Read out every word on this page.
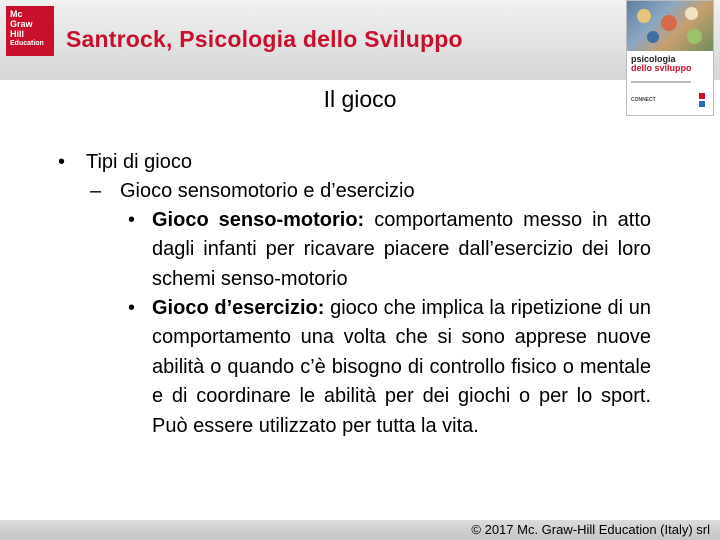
Mc
Graw
Hill
Education Santrock, Psicologia dello Sviluppo
psicologia
dello sviluppo
CONNECT
Il gioco
• Tipi di gioco
– Gioco sensomotorio e d’esercizio
• Gioco senso-motorio: comportamento messo in atto dagli infanti per ricavare piacere dall’esercizio dei loro schemi senso-motorio
• Gioco d’esercizio: gioco che implica la ripetizione di un comportamento una volta che si sono apprese nuove abilità o quando c’è bisogno di controllo fisico o mentale e di coordinare le abilità per dei giochi o per lo sport. Può essere utilizzato per tutta la vita.
© 2017 Mc. Graw-Hill Education (Italy) srl
